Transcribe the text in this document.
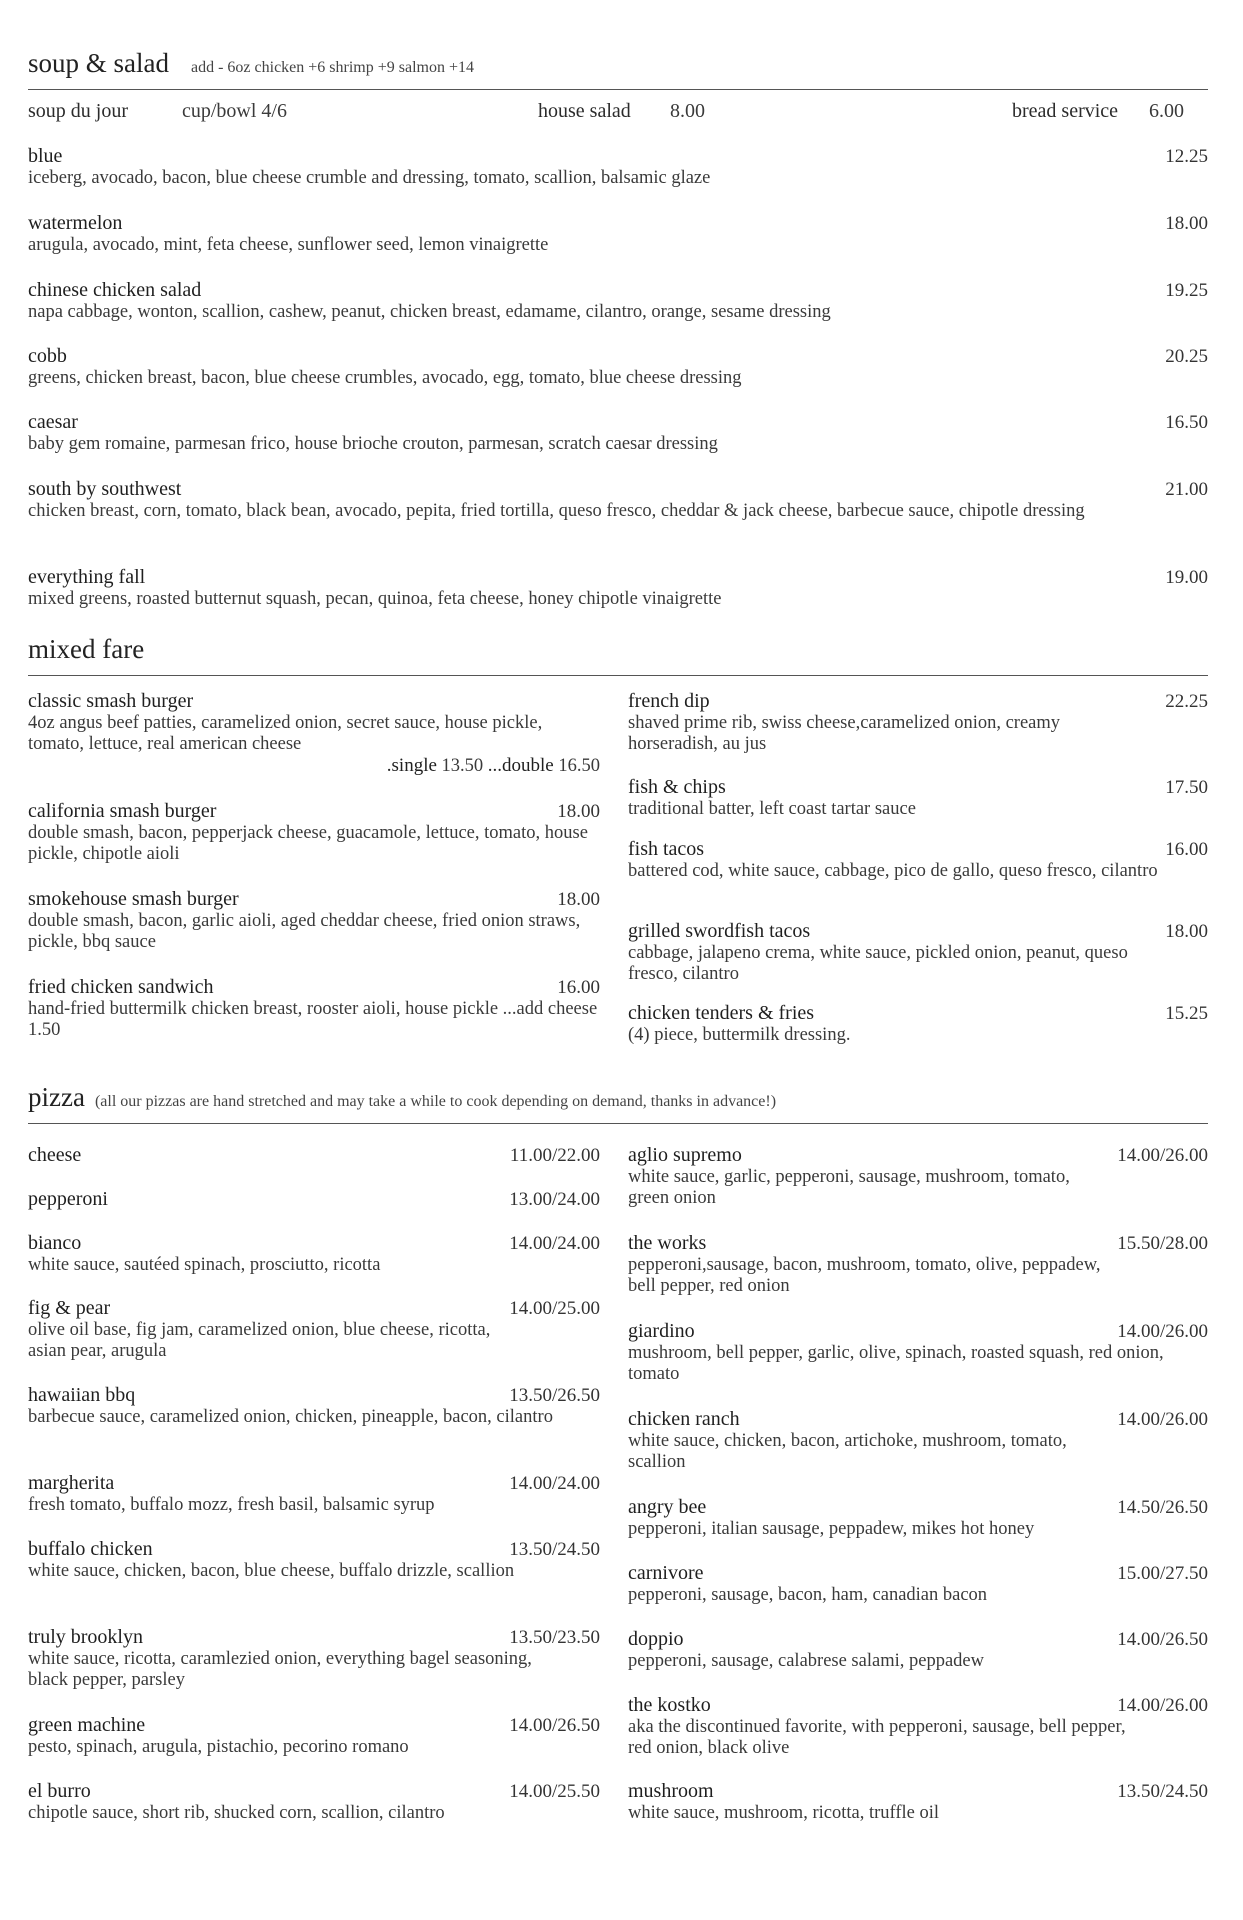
soup & salad add - 6oz chicken +6 shrimp +9 salmon +14
soup du jour	cup/bowl 4/6	house salad 8.00	bread service 6.00
blue	12.25
iceberg, avocado, bacon, blue cheese crumble and dressing, tomato, scallion, balsamic glaze
watermelon	18.00
arugula, avocado, mint, feta cheese, sunflower seed, lemon vinaigrette
chinese chicken salad	19.25
napa cabbage, wonton, scallion, cashew, peanut, chicken breast, edamame, cilantro, orange, sesame dressing
cobb	20.25
greens, chicken breast, bacon, blue cheese crumbles, avocado, egg, tomato, blue cheese dressing
caesar	16.50
baby gem romaine, parmesan frico, house brioche crouton, parmesan, scratch caesar dressing
south by southwest	21.00
chicken breast, corn, tomato, black bean, avocado, pepita, fried tortilla, queso fresco, cheddar & jack cheese, barbecue sauce, chipotle dressing
everything fall	19.00
mixed greens, roasted butternut squash, pecan, quinoa, feta cheese, honey chipotle vinaigrette
mixed fare
classic smash burger
4oz angus beef patties, caramelized onion, secret sauce, house pickle, tomato, lettuce, real american cheese
.single 13.50 ...double 16.50
california smash burger	18.00
double smash, bacon, pepperjack cheese, guacamole, lettuce, tomato, house pickle, chipotle aioli
smokehouse smash burger	18.00
double smash, bacon, garlic aioli, aged cheddar cheese, fried onion straws, pickle, bbq sauce
fried chicken sandwich	16.00
hand-fried buttermilk chicken breast, rooster aioli, house pickle ...add cheese 1.50
french dip	22.25
shaved prime rib, swiss cheese,caramelized onion, creamy horseradish, au jus
fish & chips	17.50
traditional batter, left coast tartar sauce
fish tacos	16.00
battered cod, white sauce, cabbage, pico de gallo, queso fresco, cilantro
grilled swordfish tacos	18.00
cabbage, jalapeno crema, white sauce, pickled onion, peanut, queso fresco, cilantro
chicken tenders & fries	15.25
(4) piece, buttermilk dressing.
pizza (all our pizzas are hand stretched and may take a while to cook depending on demand, thanks in advance!)
cheese	11.00/22.00
pepperoni	13.00/24.00
bianco	14.00/24.00
white sauce, sautéed spinach, prosciutto, ricotta
fig & pear	14.00/25.00
olive oil base, fig jam, caramelized onion, blue cheese, ricotta, asian pear, arugula
hawaiian bbq	13.50/26.50
barbecue sauce, caramelized onion, chicken, pineapple, bacon, cilantro
margherita	14.00/24.00
fresh tomato, buffalo mozz, fresh basil, balsamic syrup
buffalo chicken	13.50/24.50
white sauce, chicken, bacon, blue cheese, buffalo drizzle, scallion
truly brooklyn	13.50/23.50
white sauce, ricotta, caramlezied onion, everything bagel seasoning, black pepper, parsley
green machine	14.00/26.50
pesto, spinach, arugula, pistachio, pecorino romano
el burro	14.00/25.50
chipotle sauce, short rib, shucked corn, scallion, cilantro
aglio supremo	14.00/26.00
white sauce, garlic, pepperoni, sausage, mushroom, tomato, green onion
the works	15.50/28.00
pepperoni,sausage, bacon, mushroom, tomato, olive, peppadew, bell pepper, red onion
giardino	14.00/26.00
mushroom, bell pepper, garlic, olive, spinach, roasted squash, red onion, tomato
chicken ranch	14.00/26.00
white sauce, chicken, bacon, artichoke, mushroom, tomato, scallion
angry bee	14.50/26.50
pepperoni, italian sausage, peppadew, mikes hot honey
carnivore	15.00/27.50
pepperoni, sausage, bacon, ham, canadian bacon
doppio	14.00/26.50
pepperoni, sausage, calabrese salami, peppadew
the kostko	14.00/26.00
aka the discontinued favorite, with pepperoni, sausage, bell pepper, red onion, black olive
mushroom	13.50/24.50
white sauce, mushroom, ricotta, truffle oil
